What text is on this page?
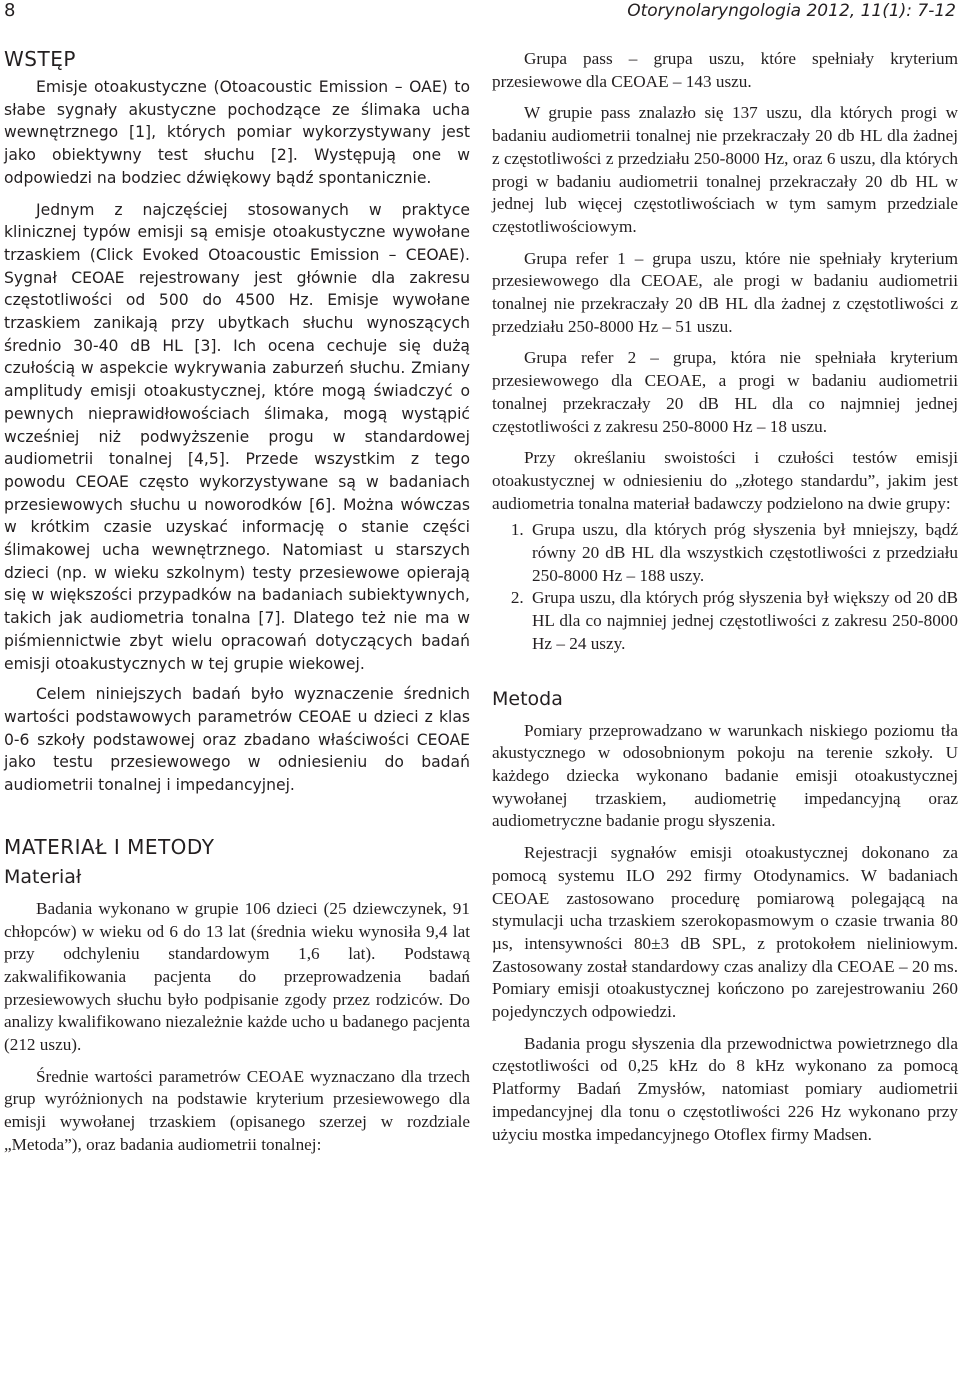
8	Otorynolaryngologia 2012, 11(1): 7-12
WSTĘP

Emisje otoakustyczne (Otoacoustic Emission – OAE) to słabe sygnały akustyczne pochodzące ze ślimaka ucha wewnętrznego [1], których pomiar wykorzystywany jest jako obiektywny test słuchu [2]. Występują one w odpowiedzi na bodziec dźwiękowy bądź spontanicznie.

Jednym z najczęściej stosowanych w praktyce klinicznej typów emisji są emisje otoakustyczne wywołane trzaskiem (Click Evoked Otoacoustic Emission – CEOAE). Sygnał CEOAE rejestrowany jest głównie dla zakresu częstotliwości od 500 do 4500 Hz. Emisje wywołane trzaskiem zanikają przy ubytkach słuchu wynoszących średnio 30-40 dB HL [3]. Ich ocena cechuje się dużą czułością w aspekcie wykrywania zaburzeń słuchu. Zmiany amplitudy emisji otoakustycznej, które mogą świadczyć o pewnych nieprawidłowościach ślimaka, mogą wystąpić wcześniej niż podwyższenie progu w standardowej audiometrii tonalnej [4,5]. Przede wszystkim z tego powodu CEOAE często wykorzystywane są w badaniach przesiewowych słuchu u noworodków [6]. Można wówczas w krótkim czasie uzyskać informację o stanie części ślimakowej ucha wewnętrznego. Natomiast u starszych dzieci (np. w wieku szkolnym) testy przesiewowe opierają się w większości przypadków na badaniach subiektywnych, takich jak audiometria tonalna [7]. Dlatego też nie ma w piśmiennictwie zbyt wielu opracowań dotyczących badań emisji otoakustycznych w tej grupie wiekowej.

Celem niniejszych badań było wyznaczenie średnich wartości podstawowych parametrów CEOAE u dzieci z klas 0-6 szkoły podstawowej oraz zbadano właściwości CEOAE jako testu przesiewowego w odniesieniu do badań audiometrii tonalnej i impedancyjnej.

MATERIAŁ I METODY
Materiał

Badania wykonano w grupie 106 dzieci (25 dziewczynek, 91 chłopców) w wieku od 6 do 13 lat (średnia wieku wynosiła 9,4 lat przy odchyleniu standardowym 1,6 lat). Podstawą zakwalifikowania pacjenta do przeprowadzenia badań przesiewowych słuchu było podpisanie zgody przez rodziców. Do analizy kwalifikowano niezależnie każde ucho u badanego pacjenta (212 uszu).

Średnie wartości parametrów CEOAE wyznaczano dla trzech grup wyróżnionych na podstawie kryterium przesiewowego dla emisji wywołanej trzaskiem (opisanego szerzej w rozdziale „Metoda”), oraz badania audiometrii tonalnej:

Grupa pass – grupa uszu, które spełniały kryterium przesiewowe dla CEOAE – 143 uszu.

W grupie pass znalazło się 137 uszu, dla których progi w badaniu audiometrii tonalnej nie przekraczały 20 db HL dla żadnej z częstotliwości z przedziału 250-8000 Hz, oraz 6 uszu, dla których progi w badaniu audiometrii tonalnej przekraczały 20 db HL w jednej lub więcej częstotliwościach w tym samym przedziale częstotliwościowym.

Grupa refer 1 – grupa uszu, które nie spełniały kryterium przesiewowego dla CEOAE, ale progi w badaniu audiometrii tonalnej nie przekraczały 20 dB HL dla żadnej z częstotliwości z przedziału 250-8000 Hz – 51 uszu.

Grupa refer 2 – grupa, która nie spełniała kryterium przesiewowego dla CEOAE, a progi w badaniu audiometrii tonalnej przekraczały 20 dB HL dla co najmniej jednej częstotliwości z zakresu 250-8000 Hz – 18 uszu.

Przy określaniu swoistości i czułości testów emisji otoakustycznej w odniesieniu do „złotego standardu”, jakim jest audiometria tonalna materiał badawczy podzielono na dwie grupy:

1. Grupa uszu, dla których próg słyszenia był mniejszy, bądź równy 20 dB HL dla wszystkich częstotliwości z przedziału 250-8000 Hz – 188 uszy.
2. Grupa uszu, dla których próg słyszenia był większy od 20 dB HL dla co najmniej jednej częstotliwości z zakresu 250-8000 Hz – 24 uszy.
Metoda

Pomiary przeprowadzano w warunkach niskiego poziomu tła akustycznego w odosobnionym pokoju na terenie szkoły. U każdego dziecka wykonano badanie emisji otoakustycznej wywołanej trzaskiem, audiometrię impedancyjną oraz audiometryczne badanie progu słyszenia.

Rejestracji sygnałów emisji otoakustycznej dokonano za pomocą systemu ILO 292 firmy Otodynamics. W badaniach CEOAE zastosowano procedurę pomiarową polegającą na stymulacji ucha trzaskiem szerokopasmowym o czasie trwania 80 µs, intensywności 80±3 dB SPL, z protokołem nieliniowym. Zastosowany został standardowy czas analizy dla CEOAE – 20 ms. Pomiary emisji otoakustycznej kończono po zarejestrowaniu 260 pojedynczych odpowiedzi.

Badania progu słyszenia dla przewodnictwa powietrznego dla częstotliwości od 0,25 kHz do 8 kHz wykonano za pomocą Platformy Badań Zmysłów, natomiast pomiary audiometrii impedancyjnej dla tonu o częstotliwości 226 Hz wykonano przy użyciu mostka impedancyjnego Otoflex firmy Madsen.
